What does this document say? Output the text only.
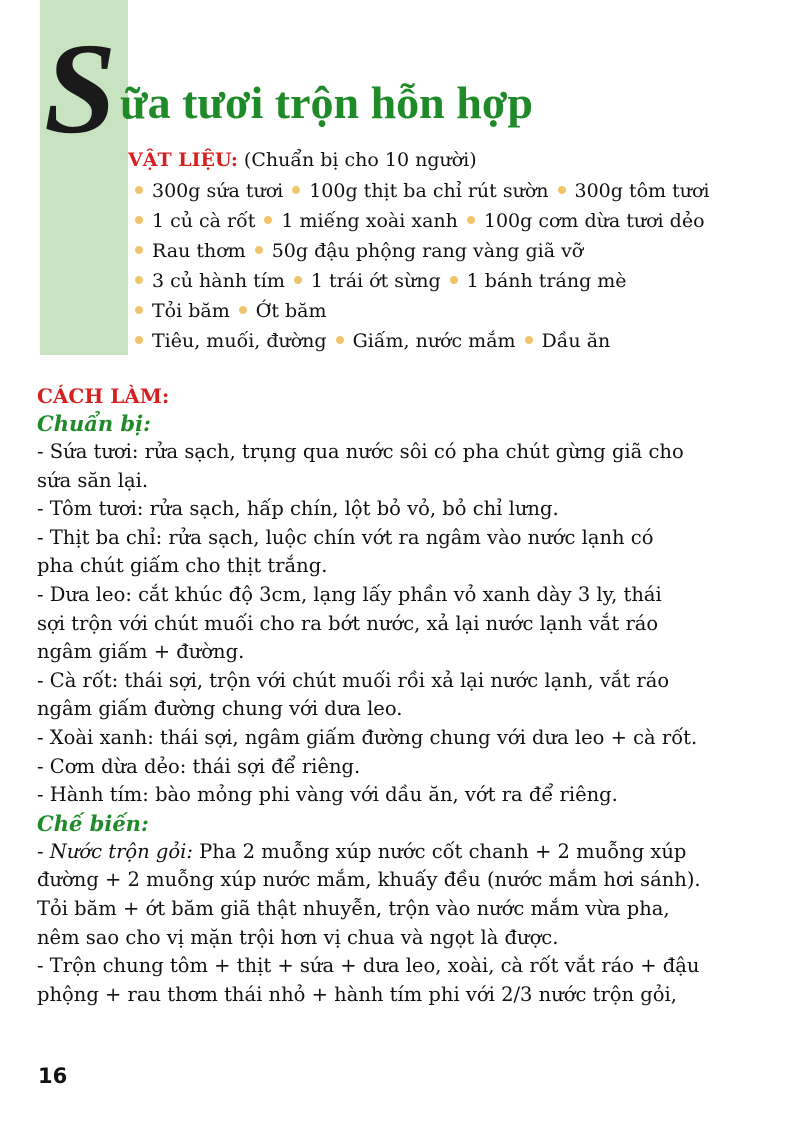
S ữa tươi trộn hỗn hợp
VẬT LIỆU: (Chuẩn bị cho 10 người)
300g sứa tươi 100g thịt ba chỉ rút sườn 300g tôm tươi
1 củ cà rốt 1 miếng xoài xanh 100g cơm dừa tươi dẻo
Rau thơm 50g đậu phộng rang vàng giã vỡ
3 củ hành tím 1 trái ớt sừng 1 bánh tráng mè
Tỏi băm Ớt băm
Tiêu, muối, đường Giấm, nước mắm Dầu ăn

CÁCH LÀM:

Chuẩn bị:

- Sứa tươi: rửa sạch, trụng qua nước sôi có pha chút gừng giã cho

sứa săn lại.

- Tôm tươi: rửa sạch, hấp chín, lột bỏ vỏ, bỏ chỉ lưng.

- Thịt ba chỉ: rửa sạch, luộc chín vớt ra ngâm vào nước lạnh có

pha chút giấm cho thịt trắng.

- Dưa leo: cắt khúc độ 3cm, lạng lấy phần vỏ xanh dày 3 ly, thái

sợi trộn với chút muối cho ra bớt nước, xả lại nước lạnh vắt ráo

ngâm giấm + đường.

- Cà rốt: thái sợi, trộn với chút muối rồi xả lại nước lạnh, vắt ráo

ngâm giấm đường chung với dưa leo.

- Xoài xanh: thái sợi, ngâm giấm đường chung với dưa leo + cà rốt.

- Cơm dừa dẻo: thái sợi để riêng.

- Hành tím: bào mỏng phi vàng với dầu ăn, vớt ra để riêng.

Chế biến:

- Nước trộn gỏi: Pha 2 muỗng xúp nước cốt chanh + 2 muỗng xúp

đường + 2 muỗng xúp nước mắm, khuấy đều (nước mắm hơi sánh).

Tỏi băm + ớt băm giã thật nhuyễn, trộn vào nước mắm vừa pha,

nêm sao cho vị mặn trội hơn vị chua và ngọt là được.

- Trộn chung tôm + thịt + sứa + dưa leo, xoài, cà rốt vắt ráo + đậu

phộng + rau thơm thái nhỏ + hành tím phi với 2/3 nước trộn gỏi,

16
